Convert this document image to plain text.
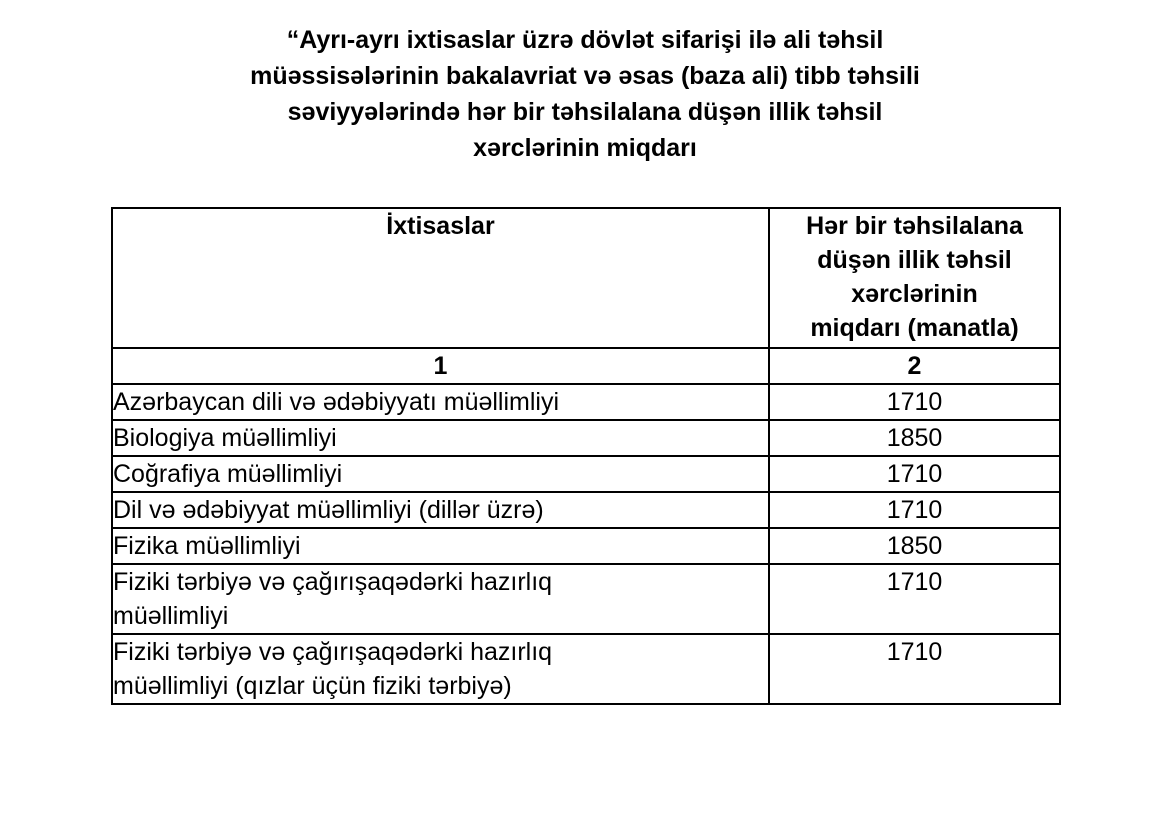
“Ayrı-ayrı ixtisaslar üzrə dövlət sifarişi ilə ali təhsil
müəssisələrinin bakalavriat və əsas (baza ali) tibb təhsili
səviyyələrində hər bir təhsilalana düşən illik təhsil
xərclərinin miqdarı
İxtisaslar	Hər bir təhsilalana
düşən illik təhsil
xərclərinin
miqdarı (manatla)

1	2

Azərbaycan dili və ədəbiyyatı müəllimliyi	1710

Biologiya müəllimliyi	1850

Coğrafiya müəllimliyi	1710

Dil və ədəbiyyat müəllimliyi (dillər üzrə)	1710

Fizika müəllimliyi	1850

Fiziki tərbiyə və çağırışaqədərki hazırlıq
müəllimliyi	1710

Fiziki tərbiyə və çağırışaqədərki hazırlıq
müəllimliyi (qızlar üçün fiziki tərbiyə)	1710
